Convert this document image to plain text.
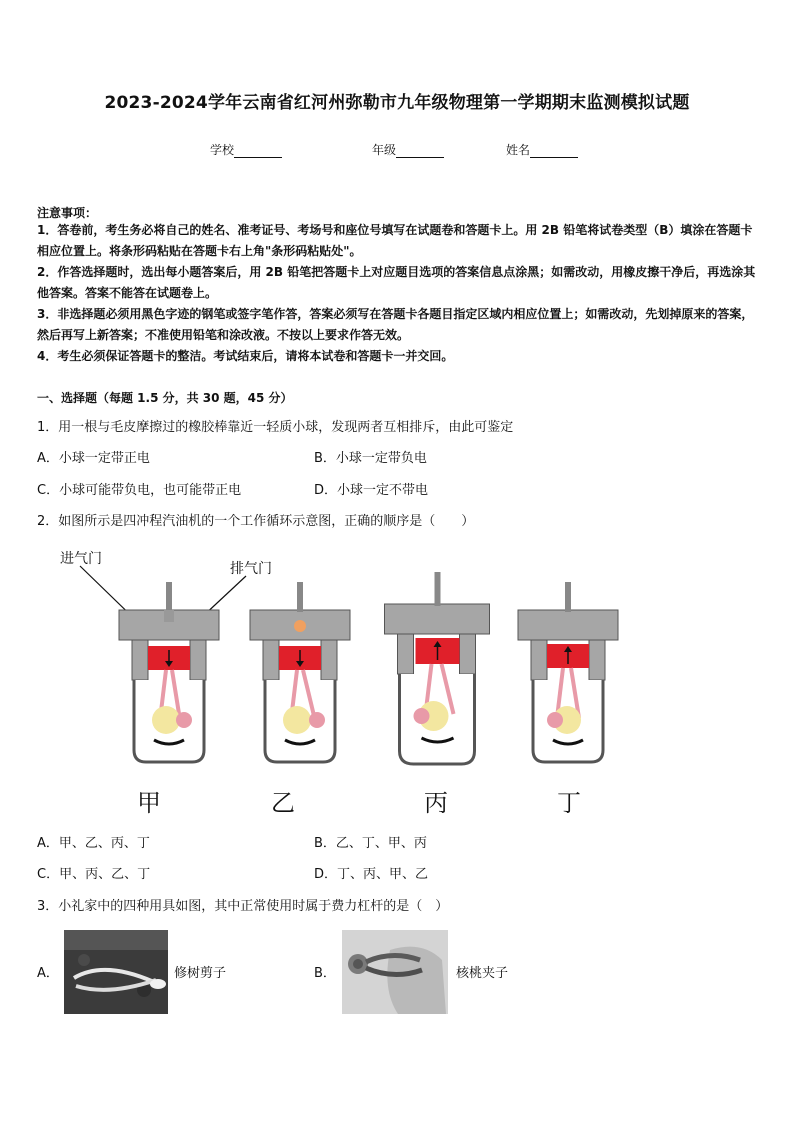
2023-2024学年云南省红河州弥勒市九年级物理第一学期期末监测模拟试题
学校	年级	姓名
注意事项：
1．答卷前，考生务必将自己的姓名、准考证号、考场号和座位号填写在试题卷和答题卡上。用 2B 铅笔将试卷类型（B）填涂在答题卡相应位置上。将条形码粘贴在答题卡右上角"条形码粘贴处"。
2．作答选择题时，选出每小题答案后，用 2B 铅笔把答题卡上对应题目选项的答案信息点涂黑；如需改动，用橡皮擦干净后，再选涂其他答案。答案不能答在试题卷上。
3．非选择题必须用黑色字迹的钢笔或签字笔作答，答案必须写在答题卡各题目指定区域内相应位置上；如需改动，先划掉原来的答案，然后再写上新答案；不准使用铅笔和涂改液。不按以上要求作答无效。
4．考生必须保证答题卡的整洁。考试结束后，请将本试卷和答题卡一并交回。
一、选择题（每题 1.5 分，共 30 题，45 分）
1．用一根与毛皮摩擦过的橡胶棒靠近一轻质小球，发现两者互相排斥，由此可鉴定
A．小球一定带正电	B．小球一定带负电
C．小球可能带负电，也可能带正电	D．小球一定不带电
2．如图所示是四冲程汽油机的一个工作循环示意图，正确的顺序是（　　）
进气门
排气门
甲	乙	丙	丁
A．甲、乙、丙、丁	B．乙、丁、甲、丙
C．甲、丙、乙、丁	D．丁、丙、甲、乙
3．小礼家中的四种用具如图，其中正常使用时属于费力杠杆的是（　）
A．	修树剪子	B．	核桃夹子
